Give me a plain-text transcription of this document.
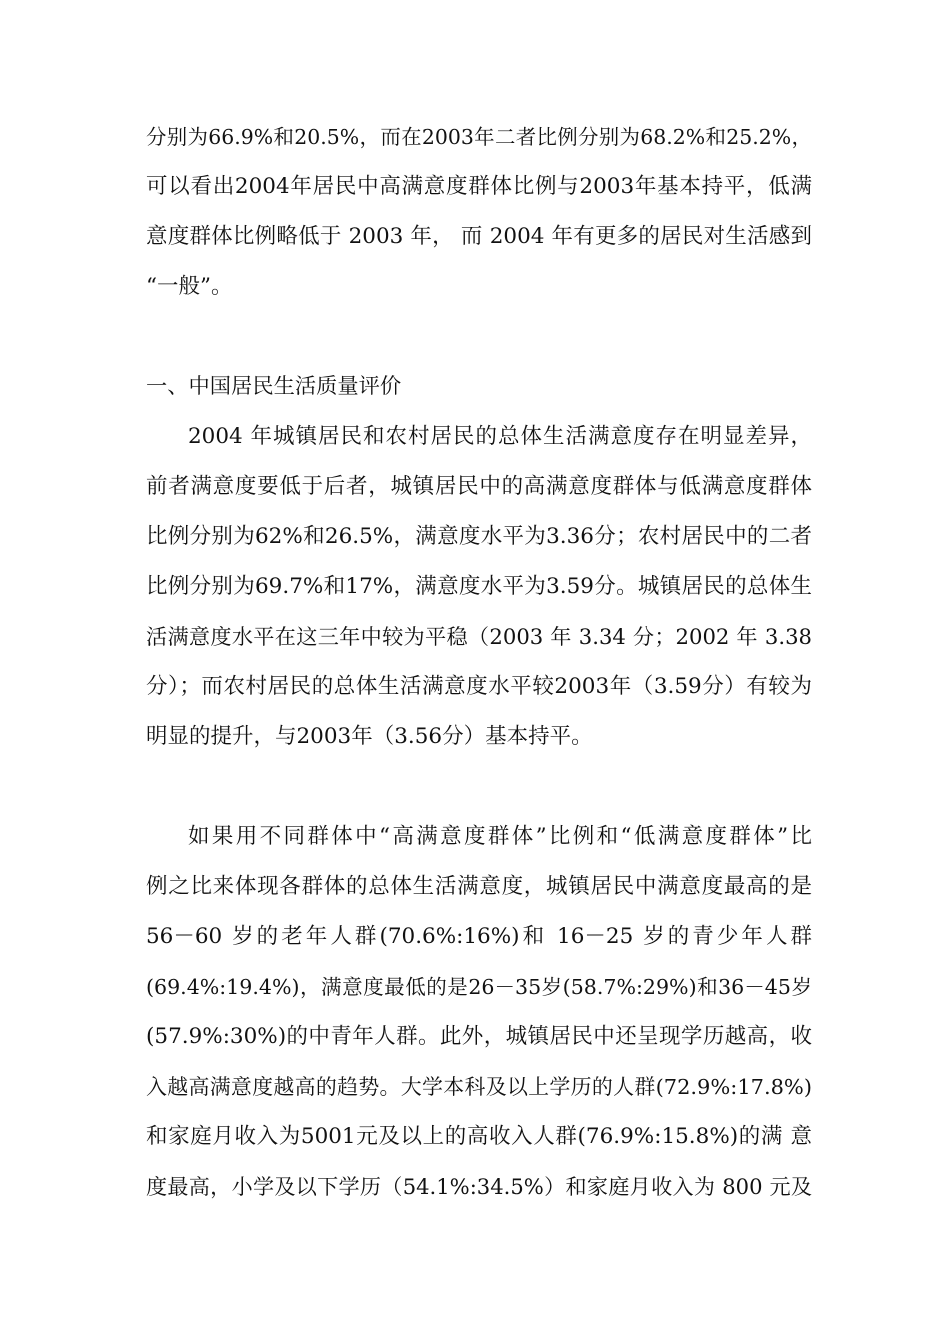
分别为66.9%和20.5%，而在2003年二者比例分别为68.2%和25.2%，
可以看出2004年居民中高满意度群体比例与2003年基本持平，低满
意度群体比例略低于 2003 年， 而 2004 年有更多的居民对生活感到
“一般”。
一、中国居民生活质量评价
2004 年城镇居民和农村居民的总体生活满意度存在明显差异，
前者满意度要低于后者，城镇居民中的高满意度群体与低满意度群体
比例分别为62%和26.5%，满意度水平为3.36分；农村居民中的二者
比例分别为69.7%和17%，满意度水平为3.59分。城镇居民的总体生
活满意度水平在这三年中较为平稳（2003 年 3.34 分；2002 年 3.38
分）；而农村居民的总体生活满意度水平较2003年（3.59分）有较为
明显的提升，与2003年（3.56分）基本持平。
如果用不同群体中“高满意度群体”比例和“低满意度群体”比
例之比来体现各群体的总体生活满意度，城镇居民中满意度最高的是
56－60 岁的老年人群(70.6%:16%)和 16－25 岁的青少年人群
(69.4%:19.4%)，满意度最低的是26－35岁(58.7%:29%)和36－45岁
(57.9%:30%)的中青年人群。此外，城镇居民中还呈现学历越高，收
入越高满意度越高的趋势。大学本科及以上学历的人群(72.9%:17.8%)
和家庭月收入为5001元及以上的高收入人群(76.9%:15.8%)的满 意
度最高，小学及以下学历（54.1%:34.5%）和家庭月收入为 800 元及
